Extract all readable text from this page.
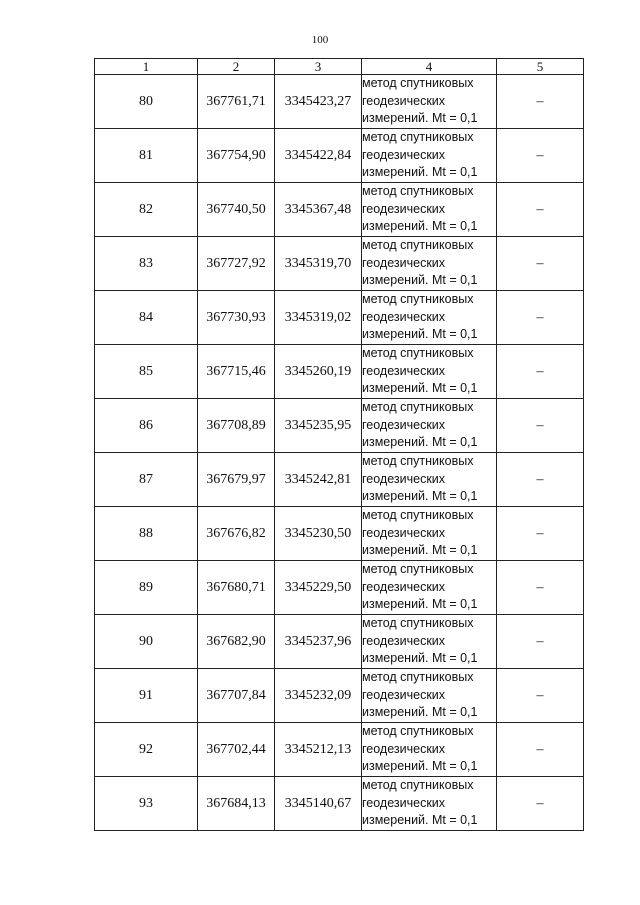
100
1	2	3	4	5
80	367761,71	3345423,27	метод спутниковых
геодезических
измерений. Mt = 0,1	–
81	367754,90	3345422,84	метод спутниковых
геодезических
измерений. Mt = 0,1	–
82	367740,50	3345367,48	метод спутниковых
геодезических
измерений. Mt = 0,1	–
83	367727,92	3345319,70	метод спутниковых
геодезических
измерений. Mt = 0,1	–
84	367730,93	3345319,02	метод спутниковых
геодезических
измерений. Mt = 0,1	–
85	367715,46	3345260,19	метод спутниковых
геодезических
измерений. Mt = 0,1	–
86	367708,89	3345235,95	метод спутниковых
геодезических
измерений. Mt = 0,1	–
87	367679,97	3345242,81	метод спутниковых
геодезических
измерений. Mt = 0,1	–
88	367676,82	3345230,50	метод спутниковых
геодезических
измерений. Mt = 0,1	–
89	367680,71	3345229,50	метод спутниковых
геодезических
измерений. Mt = 0,1	–
90	367682,90	3345237,96	метод спутниковых
геодезических
измерений. Mt = 0,1	–
91	367707,84	3345232,09	метод спутниковых
геодезических
измерений. Mt = 0,1	–
92	367702,44	3345212,13	метод спутниковых
геодезических
измерений. Mt = 0,1	–
93	367684,13	3345140,67	метод спутниковых
геодезических
измерений. Mt = 0,1	–
